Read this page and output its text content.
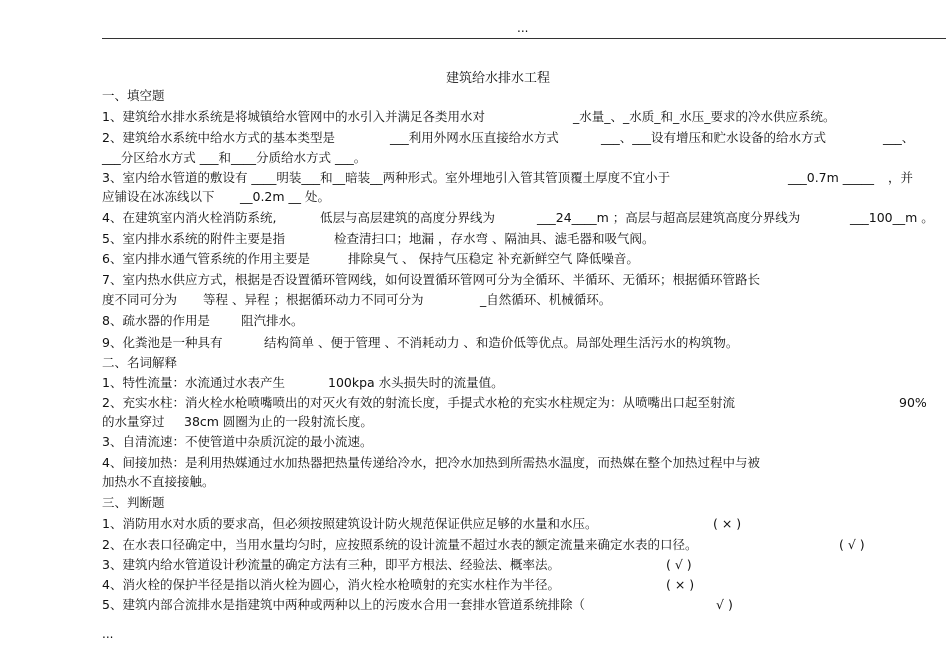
...
建筑给水排水工程
一、填空题
1、建筑给水排水系统是将城镇给水管网中的水引入并满足各类用水对	_水量_、_水质_和_水压_要求的冷水供应系统。
2、建筑给水系统中给水方式的基本类型是	___利用外网水压直接给水方式	___、___设有增压和贮水设备的给水方式	___、
___分区给水方式 ___和____分质给水方式 ___。
3、室内给水管道的敷设有 ____明装___和__暗装__两种形式。室外埋地引入管其管顶覆土厚度不宜小于	___0.7m _____ ，并
应铺设在冰冻线以下 __0.2m __ 处。
4、在建筑室内消火栓消防系统,	低层与高层建筑的高度分界线为	___24____m ；高层与超高层建筑高度分界线为	___100__m 。
5、室内排水系统的附件主要是指	检查清扫口；地漏 ，存水弯 、隔油具、滤毛器和吸气阀。
6、室内排水通气管系统的作用主要是	排除臭气 、 保持气压稳定 补充新鲜空气 降低噪音。
7、室内热水供应方式，根据是否设置循环管网线，如何设置循环管网可分为全循环、半循环、无循环；根据循环管路长
度不同可分为 等程 、异程 ；根据循环动力不同可分为	_自然循环、机械循环。
8、疏水器的作用是 阻汽排水。
9、化粪池是一种具有	结构简单 、便于管理 、不消耗动力 、和造价低等优点。局部处理生活污水的构筑物。
二、名词解释
1、特性流量：水流通过水表产生	100kpa 水头损失时的流量值。
2、充实水柱：消火栓水枪喷嘴喷出的对灭火有效的射流长度，手提式水枪的充实水柱规定为：从喷嘴出口起至射流	90%
的水量穿过 38cm 圆圈为止的一段射流长度。
3、自清流速：不使管道中杂质沉淀的最小流速。
4、间接加热：是利用热媒通过水加热器把热量传递给冷水，把冷水加热到所需热水温度，而热媒在整个加热过程中与被
加热水不直接接触。
三、判断题
1、消防用水对水质的要求高，但必须按照建筑设计防火规范保证供应足够的水量和水压。	( × )
2、在水表口径确定中，当用水量均匀时，应按照系统的设计流量不超过水表的额定流量来确定水表的口径。	( √ )
3、建筑内给水管道设计秒流量的确定方法有三种，即平方根法、经验法、概率法。	( √ )
4、消火栓的保护半径是指以消火栓为圆心，消火栓水枪喷射的充实水柱作为半径。	( × )
5、建筑内部合流排水是指建筑中两种或两种以上的污废水合用一套排水管道系统排除（	√ )
...
